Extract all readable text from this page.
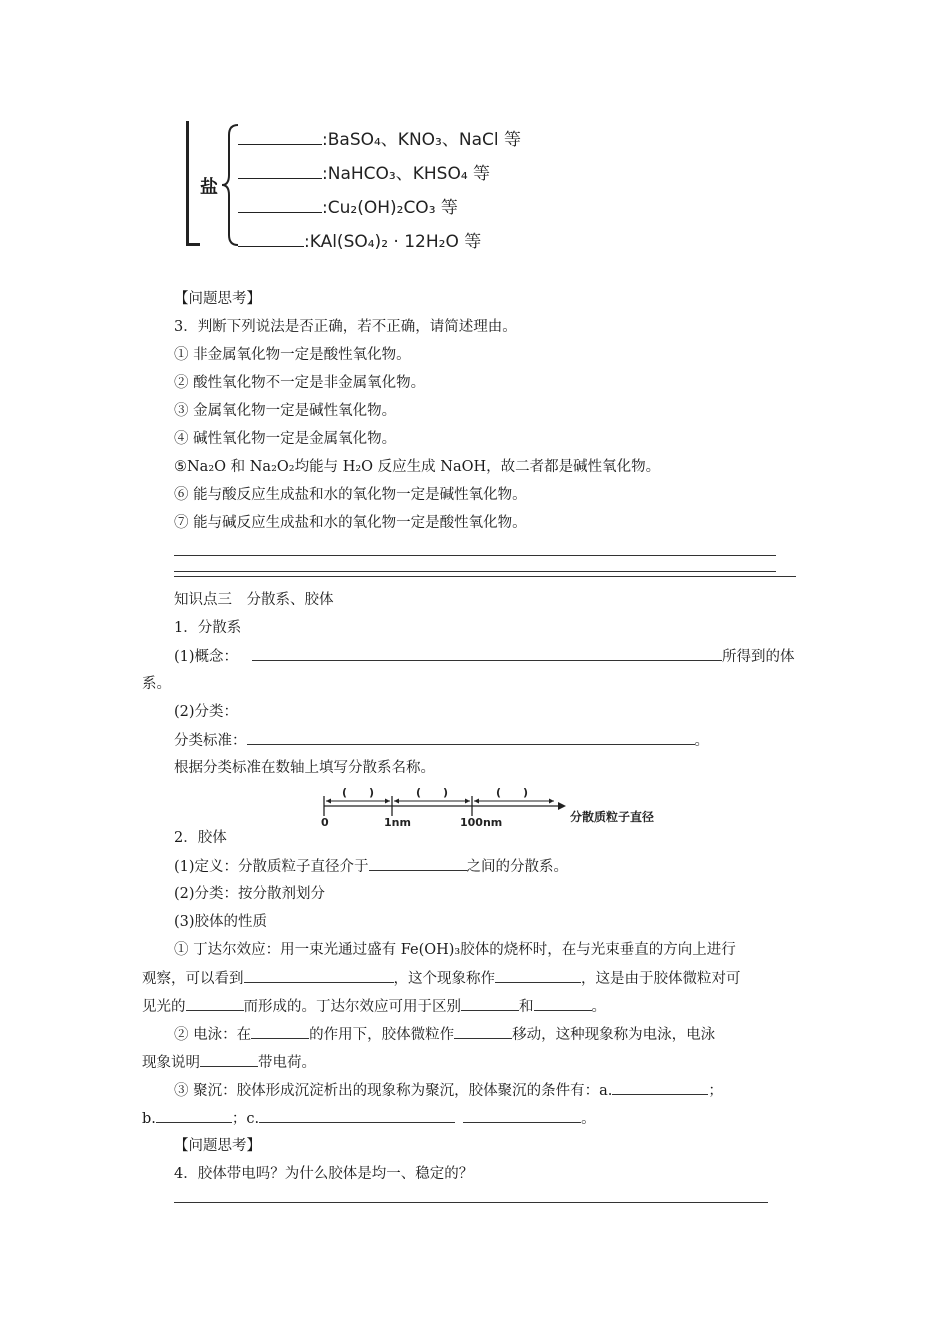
盐
:BaSO₄、KNO₃、NaCl 等
:NaHCO₃、KHSO₄ 等
:Cu₂(OH)₂CO₃ 等
:KAl(SO₄)₂ · 12H₂O 等
【问题思考】
3．判断下列说法是否正确，若不正确，请简述理由。
① 非金属氧化物一定是酸性氧化物。
② 酸性氧化物不一定是非金属氧化物。
③ 金属氧化物一定是碱性氧化物。
④ 碱性氧化物一定是金属氧化物。
⑤Na₂O 和 Na₂O₂均能与 H₂O 反应生成 NaOH，故二者都是碱性氧化物。
⑥ 能与酸反应生成盐和水的氧化物一定是碱性氧化物。
⑦ 能与碱反应生成盐和水的氧化物一定是酸性氧化物。
知识点三　分散系、胶体
1．分散系
(1)概念：	所得到的体
系。
(2)分类：
分类标准：	。
根据分类标准在数轴上填写分散系名称。
(　　)	(　　)	(　　)
0	1nm	100nm	分散质粒子直径
2．胶体
(1)定义：分散质粒子直径介于	之间的分散系。
(2)分类：按分散剂划分
(3)胶体的性质
① 丁达尔效应：用一束光通过盛有 Fe(OH)₃胶体的烧杯时，在与光束垂直的方向上进行
观察，可以看到	，这个现象称作	，这是由于胶体微粒对可
见光的	而形成的。丁达尔效应可用于区别	和	。
② 电泳：在	的作用下，胶体微粒作	移动，这种现象称为电泳，电泳
现象说明	带电荷。
③ 聚沉：胶体形成沉淀析出的现象称为聚沉，胶体聚沉的条件有：a.	；
b.	；c.	。
【问题思考】
4．胶体带电吗？为什么胶体是均一、稳定的？
